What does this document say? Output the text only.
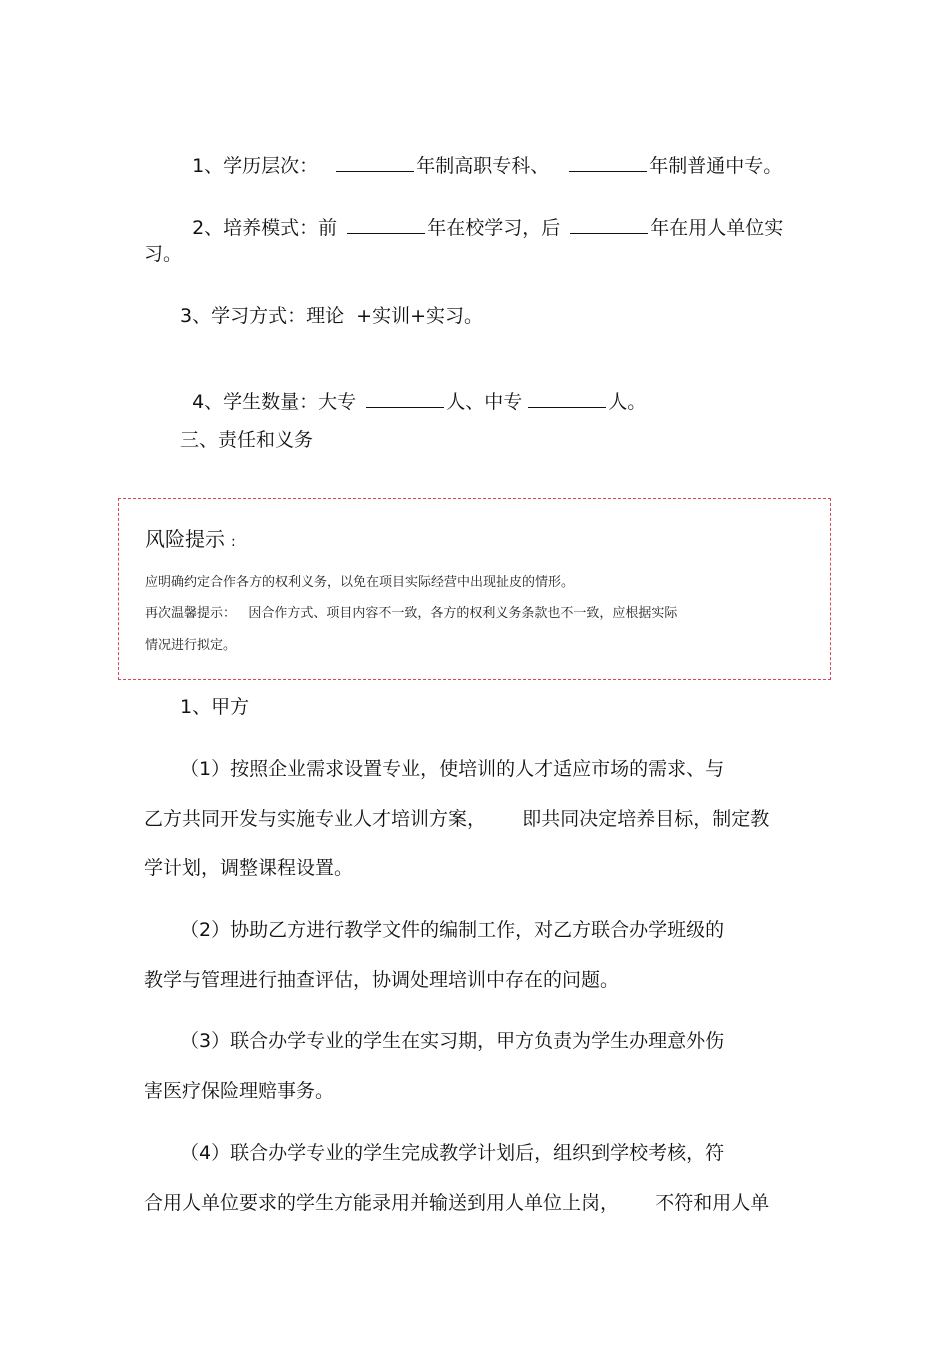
1、学历层次：	年制高职专科、	年制普通中专。

2、培养模式：前	年在校学习，后	年在用人单位实

习。
3、学习方式：理论  +实训+实习。

4、学生数量：大专	人、中专	人。

三、责任和义务
风险提示 :
应明确约定合作各方的权利义务，以免在项目实际经营中出现扯皮的情形。
再次温馨提示：   因合作方式、项目内容不一致，各方的权利义务条款也不一致，应根据实际
情况进行拟定。
1、甲方
（1）按照企业需求设置专业，使培训的人才适应市场的需求、与
乙方共同开发与实施专业人才培训方案，      即共同决定培养目标，制定教
学计划，调整课程设置。
（2）协助乙方进行教学文件的编制工作，对乙方联合办学班级的
教学与管理进行抽查评估，协调处理培训中存在的问题。
（3）联合办学专业的学生在实习期，甲方负责为学生办理意外伤
害医疗保险理赔事务。
（4）联合办学专业的学生完成教学计划后，组织到学校考核，符
合用人单位要求的学生方能录用并输送到用人单位上岗，      不符和用人单
